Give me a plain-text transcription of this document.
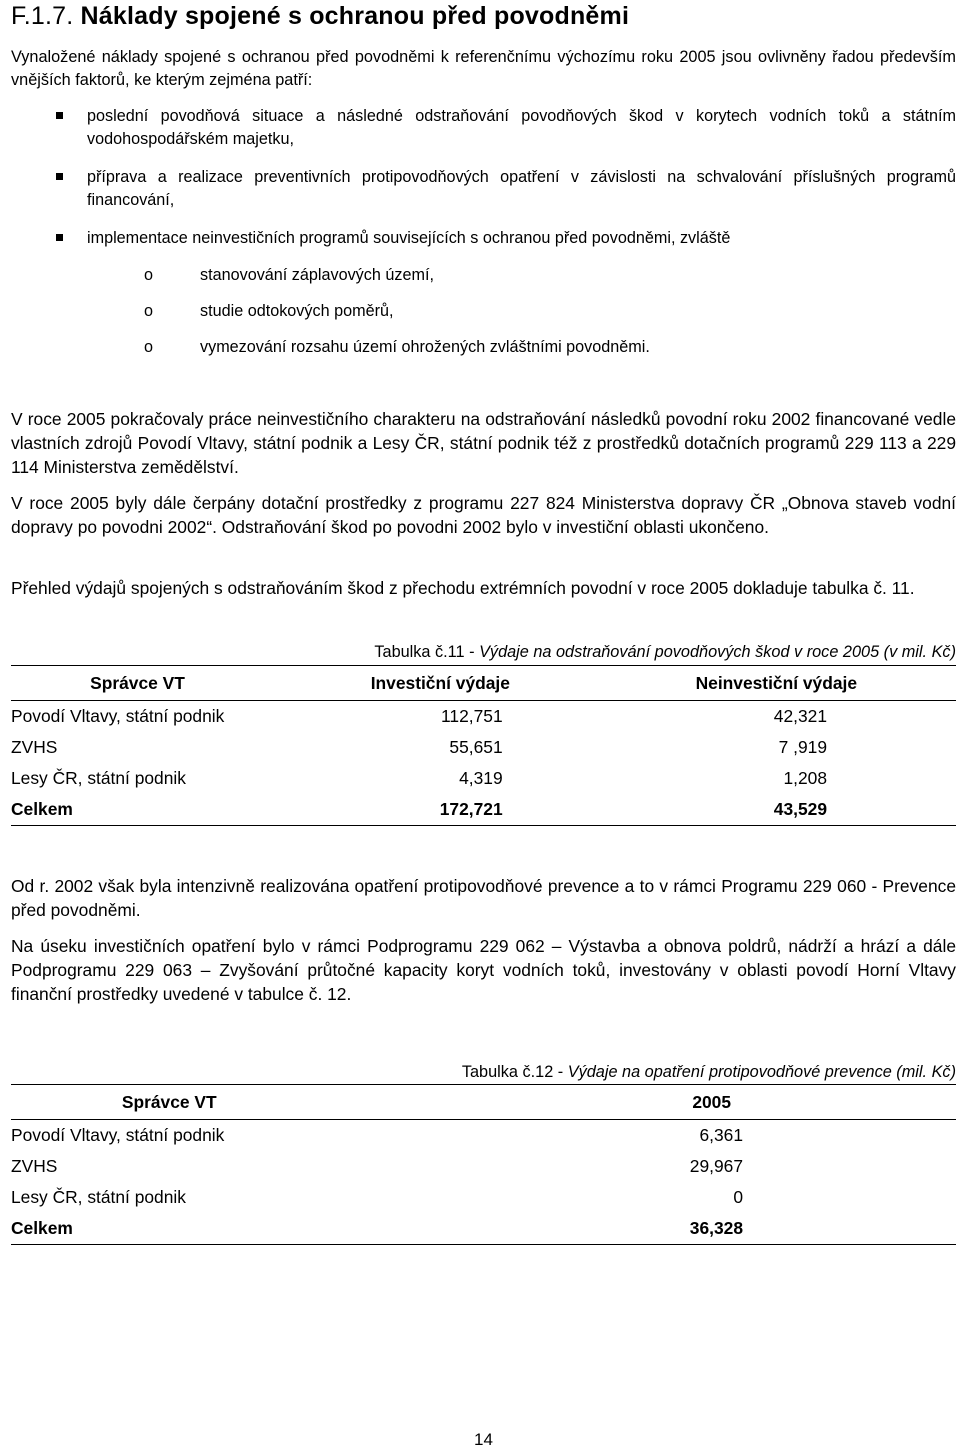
F.1.7. Náklady spojené s ochranou před povodněmi

Vynaložené náklady spojené s ochranou před povodněmi k referenčnímu výchozímu roku 2005 jsou ovlivněny řadou především vnějších faktorů, ke kterým zejména patří:

poslední povodňová situace a následné odstraňování povodňových škod v korytech vodních toků a státním vodohospodářském majetku,
příprava a realizace preventivních protipovodňových opatření v závislosti na schvalování příslušných programů financování,
implementace neinvestičních programů souvisejících s ochranou před povodněmi, zvláště
o	stanovování záplavových území,
o	studie odtokových poměrů,
o	vymezování rozsahu území ohrožených zvláštními povodněmi.

V roce 2005 pokračovaly práce neinvestičního charakteru na odstraňování následků povodní roku 2002 financované vedle vlastních zdrojů Povodí Vltavy, státní podnik a Lesy ČR, státní podnik též z prostředků dotačních programů 229 113 a 229 114 Ministerstva zemědělství.

V roce 2005 byly dále čerpány dotační prostředky z programu 227 824 Ministerstva dopravy ČR „Obnova staveb vodní dopravy po povodni 2002“. Odstraňování škod po povodni 2002 bylo v investiční oblasti ukončeno.

Přehled výdajů spojených s odstraňováním škod z přechodu extrémních povodní v roce 2005 dokladuje tabulka č. 11.

Tabulka č.11 - Výdaje na odstraňování povodňových škod v roce 2005 (v mil. Kč)
Správce VT	Investiční výdaje	Neinvestiční výdaje
Povodí Vltavy, státní podnik	112,751	42,321
ZVHS	55,651	7 ,919
Lesy ČR, státní podnik	4,319	1,208
Celkem	172,721	43,529

Od r. 2002 však byla intenzivně realizována opatření protipovodňové prevence a to v rámci Programu 229 060 - Prevence před povodněmi.

Na úseku investičních opatření bylo v rámci Podprogramu 229 062 – Výstavba a obnova poldrů, nádrží a hrází a dále Podprogramu 229 063 – Zvyšování průtočné kapacity koryt vodních toků, investovány v oblasti povodí Horní Vltavy finanční prostředky uvedené v tabulce č. 12.

Tabulka č.12 - Výdaje na opatření protipovodňové prevence (mil. Kč)
Správce VT	2005
Povodí Vltavy, státní podnik	6,361
ZVHS	29,967
Lesy ČR, státní podnik	0
Celkem	36,328
14
